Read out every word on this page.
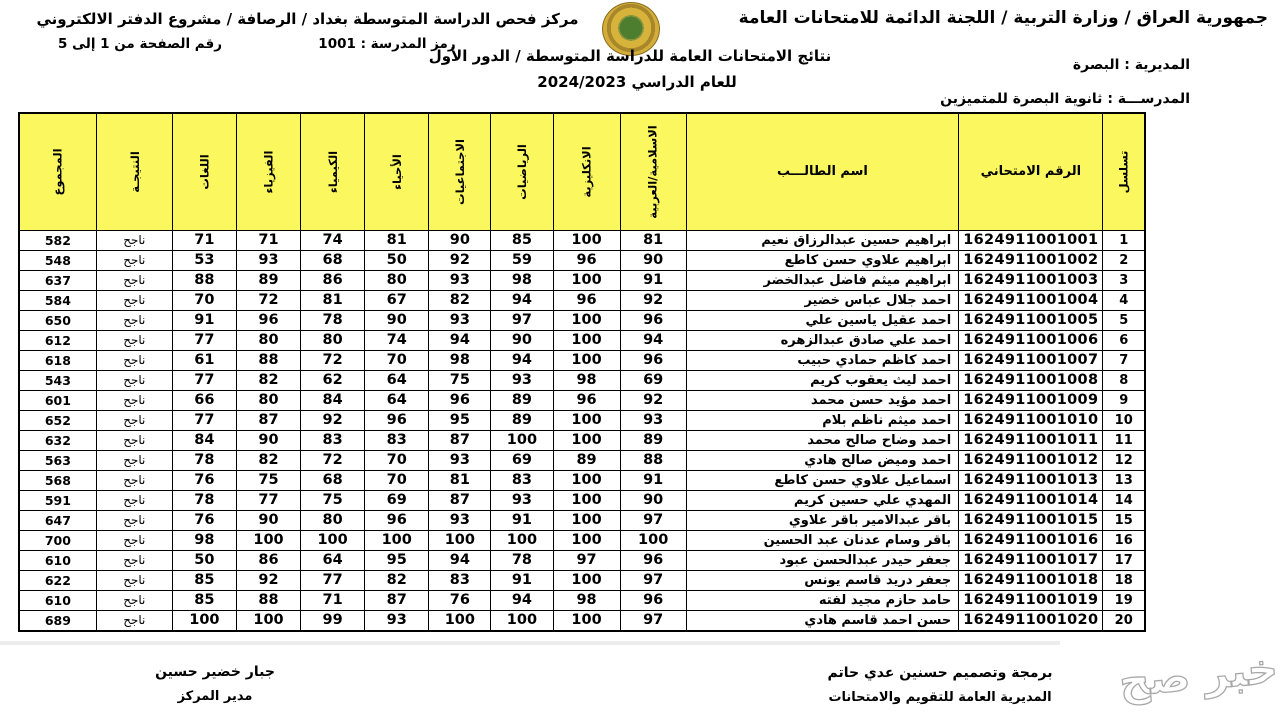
جمهورية العراق / وزارة التربية / اللجنة الدائمة للامتحانات العامة
مركز فحص الدراسة المتوسطة بغداد / الرصافة / مشروع الدفتر الالكتروني
رمز المدرسة : 1001
رقم الصفحة من 1 إلى 5
نتائج الامتحانات العامة للدراسة المتوسطة / الدور الأول
للعام الدراسي 2024/2023
المديرية : البصرة
المدرســـة : ثانوية البصرة للمتميزين
تسلسل	الرقم الامتحاني	اسم الطالـــب	الاسلامية/العربية	الانكليزية	الرياضيات	الاجتماعيات	الأحياء	الكيمياء	الفيزياء	اللغات	النتيجـة	المجموع

1	1624911001001	ابراهيم حسين عبدالرزاق نعيم	81	100	85	90	81	74	71	71	ناجح	582
2	1624911001002	ابراهيم علاوي حسن كاطع	90	96	59	92	50	68	93	53	ناجح	548
3	1624911001003	ابراهيم ميثم فاضل عبدالخضر	91	100	98	93	80	86	89	88	ناجح	637
4	1624911001004	احمد جلال عباس خضير	92	96	94	82	67	81	72	70	ناجح	584
5	1624911001005	احمد عقيل ياسين علي	96	100	97	93	90	78	96	91	ناجح	650
6	1624911001006	احمد علي صادق عبدالزهره	94	100	90	94	74	80	80	77	ناجح	612
7	1624911001007	احمد كاظم حمادي حبيب	96	100	94	98	70	72	88	61	ناجح	618
8	1624911001008	احمد ليث يعقوب كريم	69	98	93	75	64	62	82	77	ناجح	543
9	1624911001009	احمد مؤيد حسن محمد	92	96	89	96	64	84	80	66	ناجح	601
10	1624911001010	احمد ميثم ناظم بلام	93	100	89	95	96	92	87	77	ناجح	652
11	1624911001011	احمد وضاح صالح محمد	89	100	100	87	83	83	90	84	ناجح	632
12	1624911001012	احمد وميض صالح هادي	88	89	69	93	70	72	82	78	ناجح	563
13	1624911001013	اسماعيل علاوي حسن كاطع	91	100	83	81	70	68	75	76	ناجح	568
14	1624911001014	المهدي علي حسين كريم	90	100	93	87	69	75	77	78	ناجح	591
15	1624911001015	باقر عبدالامير باقر علاوي	97	100	91	93	96	80	90	76	ناجح	647
16	1624911001016	باقر وسام عدنان عبد الحسين	100	100	100	100	100	100	100	98	ناجح	700
17	1624911001017	جعفر حيدر عبدالحسن عبود	96	97	78	94	95	64	86	50	ناجح	610
18	1624911001018	جعفر دريد قاسم يونس	97	100	91	83	82	77	92	85	ناجح	622
19	1624911001019	حامد حازم مجيد لفته	96	98	94	76	87	71	88	85	ناجح	610
20	1624911001020	حسن احمد قاسم هادي	97	100	100	100	93	99	100	100	ناجح	689
جبار خضير حسين
مدير المركز
برمجة وتصميم حسنين عدي حاتم
المديرية العامة للتقويم والامتحانات	خبر صح
